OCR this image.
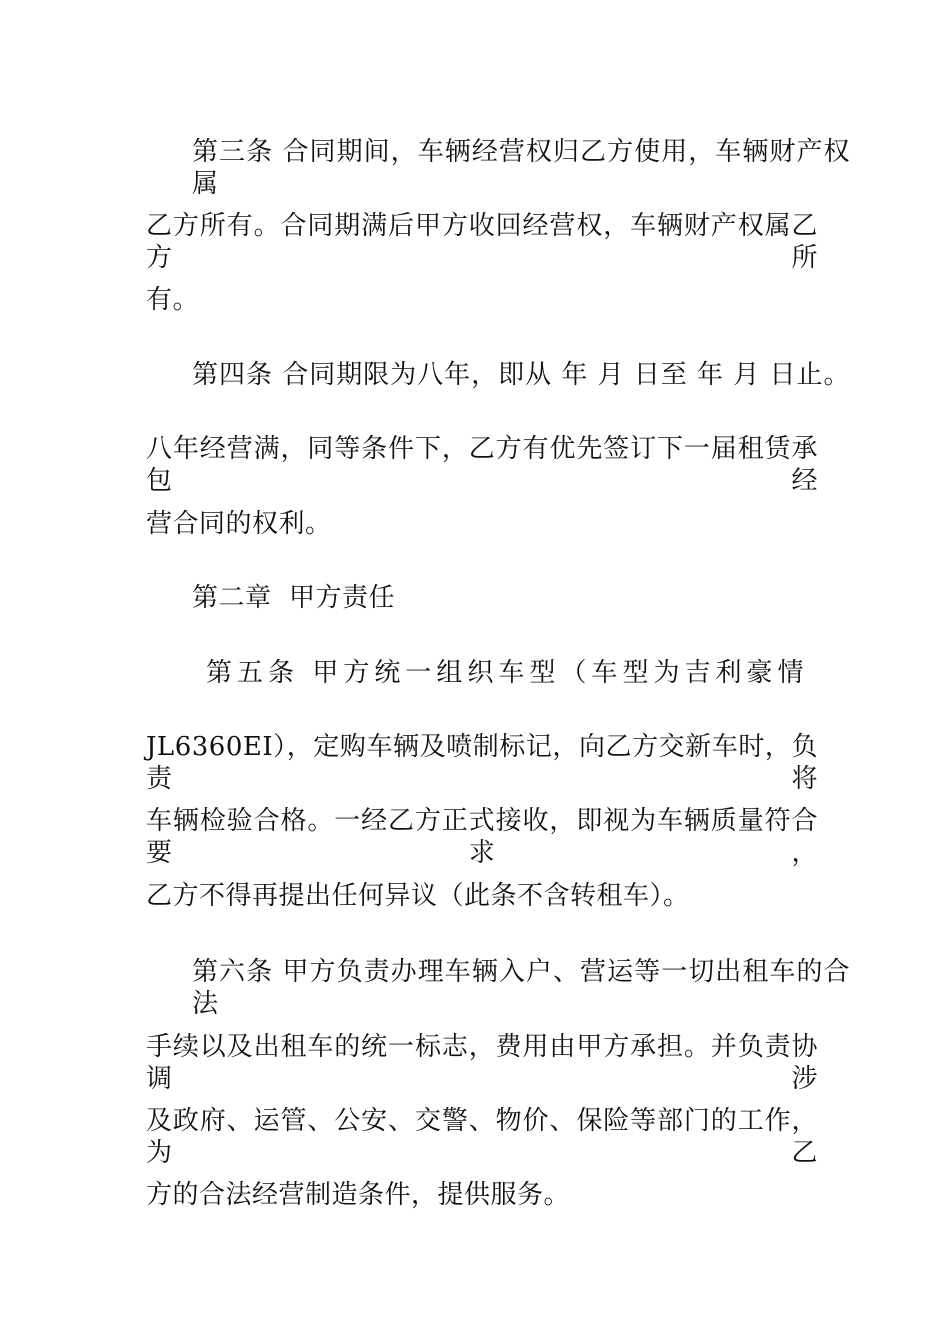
第三条 合同期间，车辆经营权归乙方使用，车辆财产权属
乙方所有。合同期满后甲方收回经营权，车辆财产权属乙方所
有。
第四条 合同期限为八年，即从 年 月 日至 年 月 日止。
八年经营满，同等条件下，乙方有优先签订下一届租赁承包经
营合同的权利。
第二章  甲方责任
第五条 甲方统一组织车型（车型为吉利豪情
JL6360EI），定购车辆及喷制标记，向乙方交新车时，负责将
车辆检验合格。一经乙方正式接收，即视为车辆质量符合要求，
乙方不得再提出任何异议（此条不含转租车）。
第六条 甲方负责办理车辆入户、营运等一切出租车的合法
手续以及出租车的统一标志，费用由甲方承担。并负责协调涉
及政府、运管、公安、交警、物价、保险等部门的工作，为乙
方的合法经营制造条件，提供服务。
